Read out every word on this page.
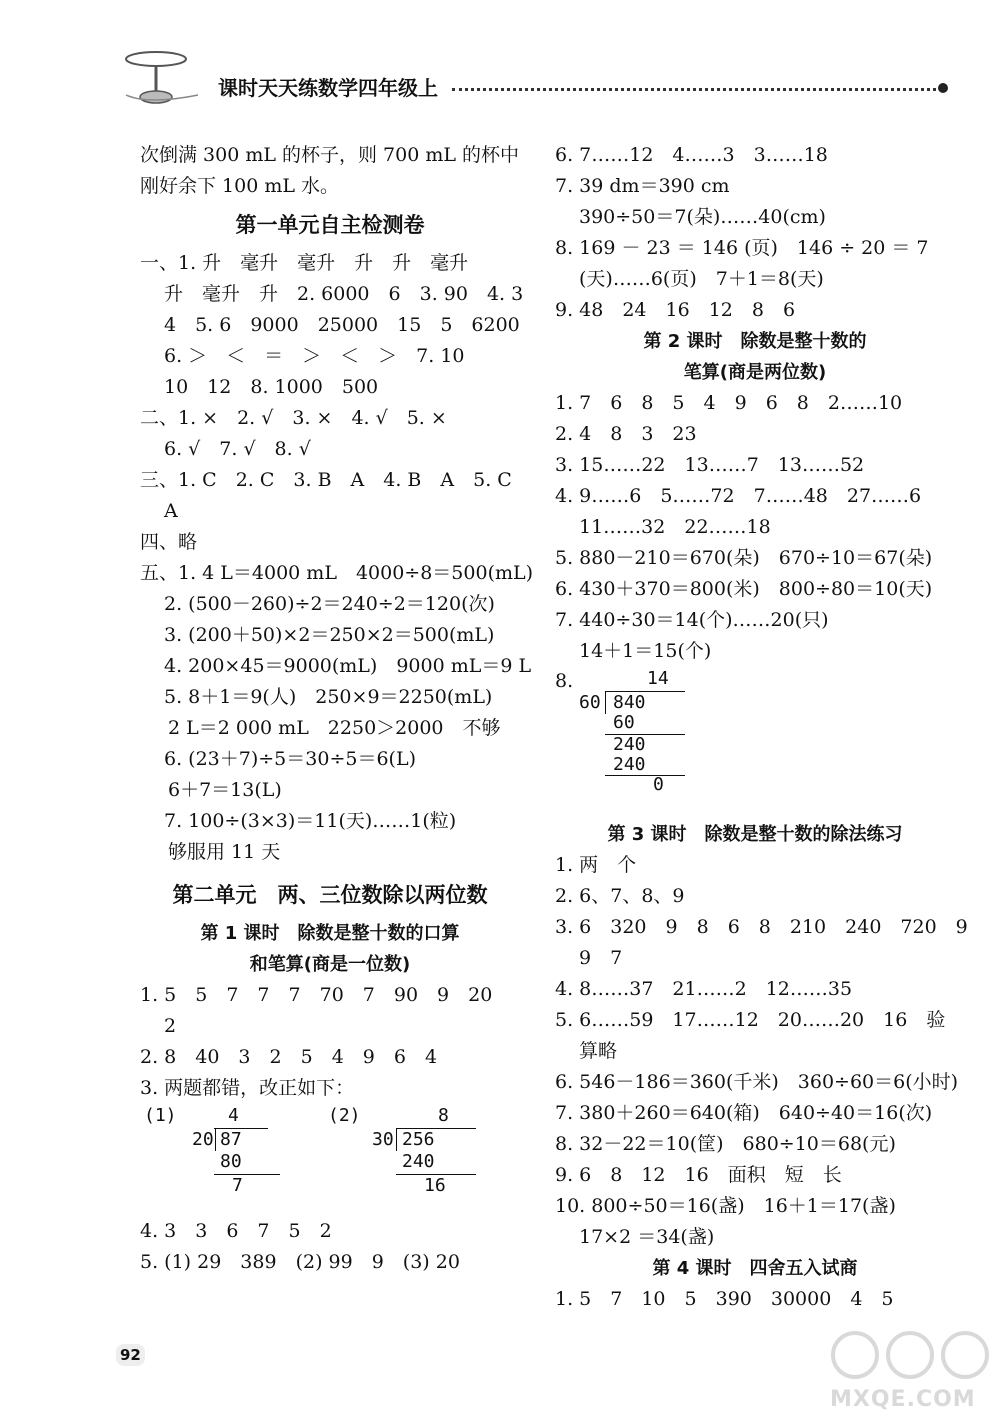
课时天天练数学四年级上
次倒满 300 mL 的杯子，则 700 mL 的杯中
刚好余下 100 mL 水。
第一单元自主检测卷
一、1. 升　毫升　毫升　升　升　毫升
升　毫升　升　2. 6000　6　3. 90　4. 3
4　5. 6　9000　25000　15　5　6200
6. ＞　＜　＝　＞　＜　＞　7. 10
10　12　8. 1000　500
二、1. ×　2. √　3. ×　4. √　5. ×
6. √　7. √　8. √
三、1. C　2. C　3. B　A　4. B　A　5. C
A
四、略
五、1. 4 L＝4000 mL　4000÷8＝500(mL)
2. (500－260)÷2＝240÷2＝120(次)
3. (200＋50)×2＝250×2＝500(mL)
4. 200×45＝9000(mL)　9000 mL＝9 L
5. 8＋1＝9(人)　250×9＝2250(mL)
2 L＝2 000 mL　2250＞2000　不够
6. (23＋7)÷5＝30÷5＝6(L)
6＋7＝13(L)
7. 100÷(3×3)＝11(天)……1(粒)
够服用 11 天
第二单元　两、三位数除以两位数
第 1 课时　除数是整十数的口算
和笔算(商是一位数)
1. 5　5　7　7　7　70　7　90　9　20
2
2. 8　40　3　2　5　4　9　6　4
3. 两题都错，改正如下：
(1)	4
20 87
80
7
(2)	8
30 256
240
16
4. 3　3　6　7　5　2
5. (1) 29　389　(2) 99　9　(3) 20
6. 7……12　4……3　3……18
7. 39 dm＝390 cm
390÷50＝7(朵)……40(cm)
8. 169 － 23 ＝ 146 (页)　146 ÷ 20 ＝ 7
(天)……6(页)　7＋1＝8(天)
9. 48　24　16　12　8　6
第 2 课时　除数是整十数的
笔算(商是两位数)
1. 7　6　8　5　4　9　6　8　2……10
2. 4　8　3　23
3. 15……22　13……7　13……52
4. 9……6　5……72　7……48　27……6
11……32　22……18
5. 880－210＝670(朵)　670÷10＝67(朵)
6. 430＋370＝800(米)　800÷80＝10(天)
7. 440÷30＝14(个)……20(只)
14＋1＝15(个)
8.	14
60 840
60
240
240
0
第 3 课时　除数是整十数的除法练习
1. 两　个
2. 6、7、8、9
3. 6　320　9　8　6　8　210　240　720　9
9　7
4. 8……37　21……2　12……35
5. 6……59　17……12　20……20　16　验
算略
6. 546－186＝360(千米)　360÷60＝6(小时)
7. 380＋260＝640(箱)　640÷40＝16(次)
8. 32－22＝10(筐)　680÷10＝68(元)
9. 6　8　12　16　面积　短　长
10. 800÷50＝16(盏)　16＋1＝17(盏)
17×2 ＝34(盏)
第 4 课时　四舍五入试商
1. 5　7　10　5　390　30000　4　5
92
MXQE.COM
